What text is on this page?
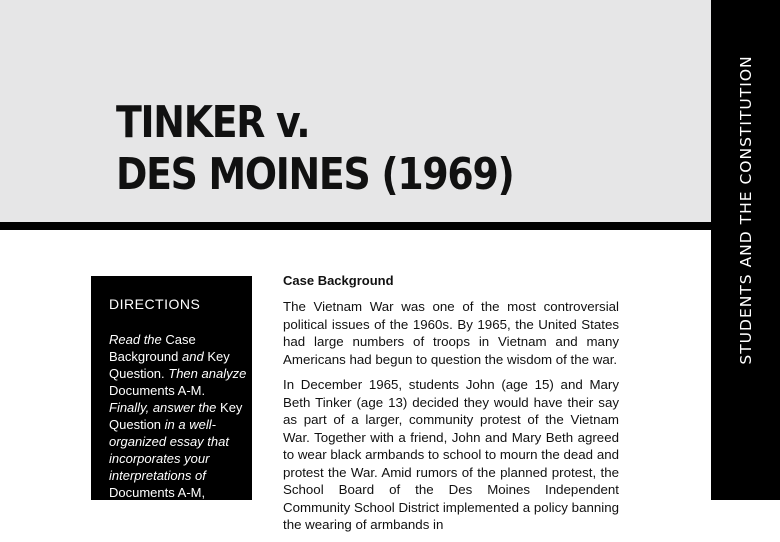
TINKER v.
DES MOINES (1969)	STUDENTS AND THE CONSTITUTION
DIRECTIONS

Read the Case Background and Key Question. Then analyze Documents A-M. Finally, answer the Key Question in a well-organized essay that incorporates your interpretations of Documents A-M,

Case Background

The Vietnam War was one of the most controversial political issues of the 1960s. By 1965, the United States had large numbers of troops in Vietnam and many Americans had begun to question the wisdom of the war.

In December 1965, students John (age 15) and Mary Beth Tinker (age 13) decided they would have their say as part of a larger, community protest of the Vietnam War. Together with a friend, John and Mary Beth agreed to wear black armbands to school to mourn the dead and protest the War. Amid rumors of the planned protest, the School Board of the Des Moines Independent Community School District implemented a policy banning the wearing of armbands in
